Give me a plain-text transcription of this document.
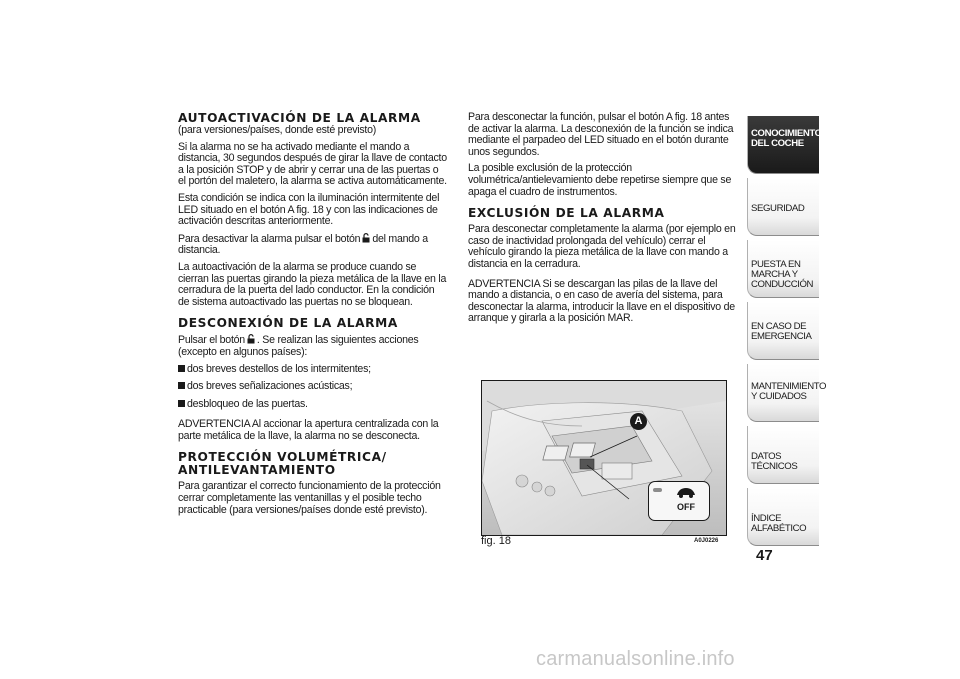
AUTOACTIVACIÓN DE LA ALARMA

(para versiones/países, donde esté previsto)

Si la alarma no se ha activado mediante el mando a distancia, 30 segundos después de girar la llave de contacto a la posición STOP y de abrir y cerrar una de las puertas o el portón del maletero, la alarma se activa automáticamente.

Esta condición se indica con la iluminación intermitente del LED situado en el botón A fig. 18 y con las indicaciones de activación descritas anteriormente.

Para desactivar la alarma pulsar el botón del mando a distancia.

La autoactivación de la alarma se produce cuando se cierran las puertas girando la pieza metálica de la llave en la cerradura de la puerta del lado conductor. En la condición de sistema autoactivado las puertas no se bloquean.

DESCONEXIÓN DE LA ALARMA

Pulsar el botón . Se realizan las siguientes acciones (excepto en algunos países):

dos breves destellos de los intermitentes;
dos breves señalizaciones acústicas;
desbloqueo de las puertas.

ADVERTENCIA Al accionar la apertura centralizada con la parte metálica de la llave, la alarma no se desconecta.

PROTECCIÓN VOLUMÉTRICA/ ANTILEVANTAMIENTO

Para garantizar el correcto funcionamiento de la protección cerrar completamente las ventanillas y el posible techo practicable (para versiones/países donde esté previsto).

Para desconectar la función, pulsar el botón A fig. 18 antes de activar la alarma. La desconexión de la función se indica mediante el parpadeo del LED situado en el botón durante unos segundos.

La posible exclusión de la protección volumétrica/antielevamiento debe repetirse siempre que se apaga el cuadro de instrumentos.

EXCLUSIÓN DE LA ALARMA

Para desconectar completamente la alarma (por ejemplo en caso de inactividad prolongada del vehículo) cerrar el vehículo girando la pieza metálica de la llave con mando a distancia en la cerradura.

ADVERTENCIA Si se descargan las pilas de la llave del mando a distancia, o en caso de avería del sistema, para desconectar la alarma, introducir la llave en el dispositivo de arranque y girarla a la posición MAR.

A
OFF
fig. 18	A0J0226
CONOCIMIENTO DEL COCHE
SEGURIDAD
PUESTA EN MARCHA Y CONDUCCIÓN
EN CASO DE EMERGENCIA
MANTENIMIENTO Y CUIDADOS
DATOS TÉCNICOS
ÍNDICE ALFABÉTICO
47
carmanualsonline.info
